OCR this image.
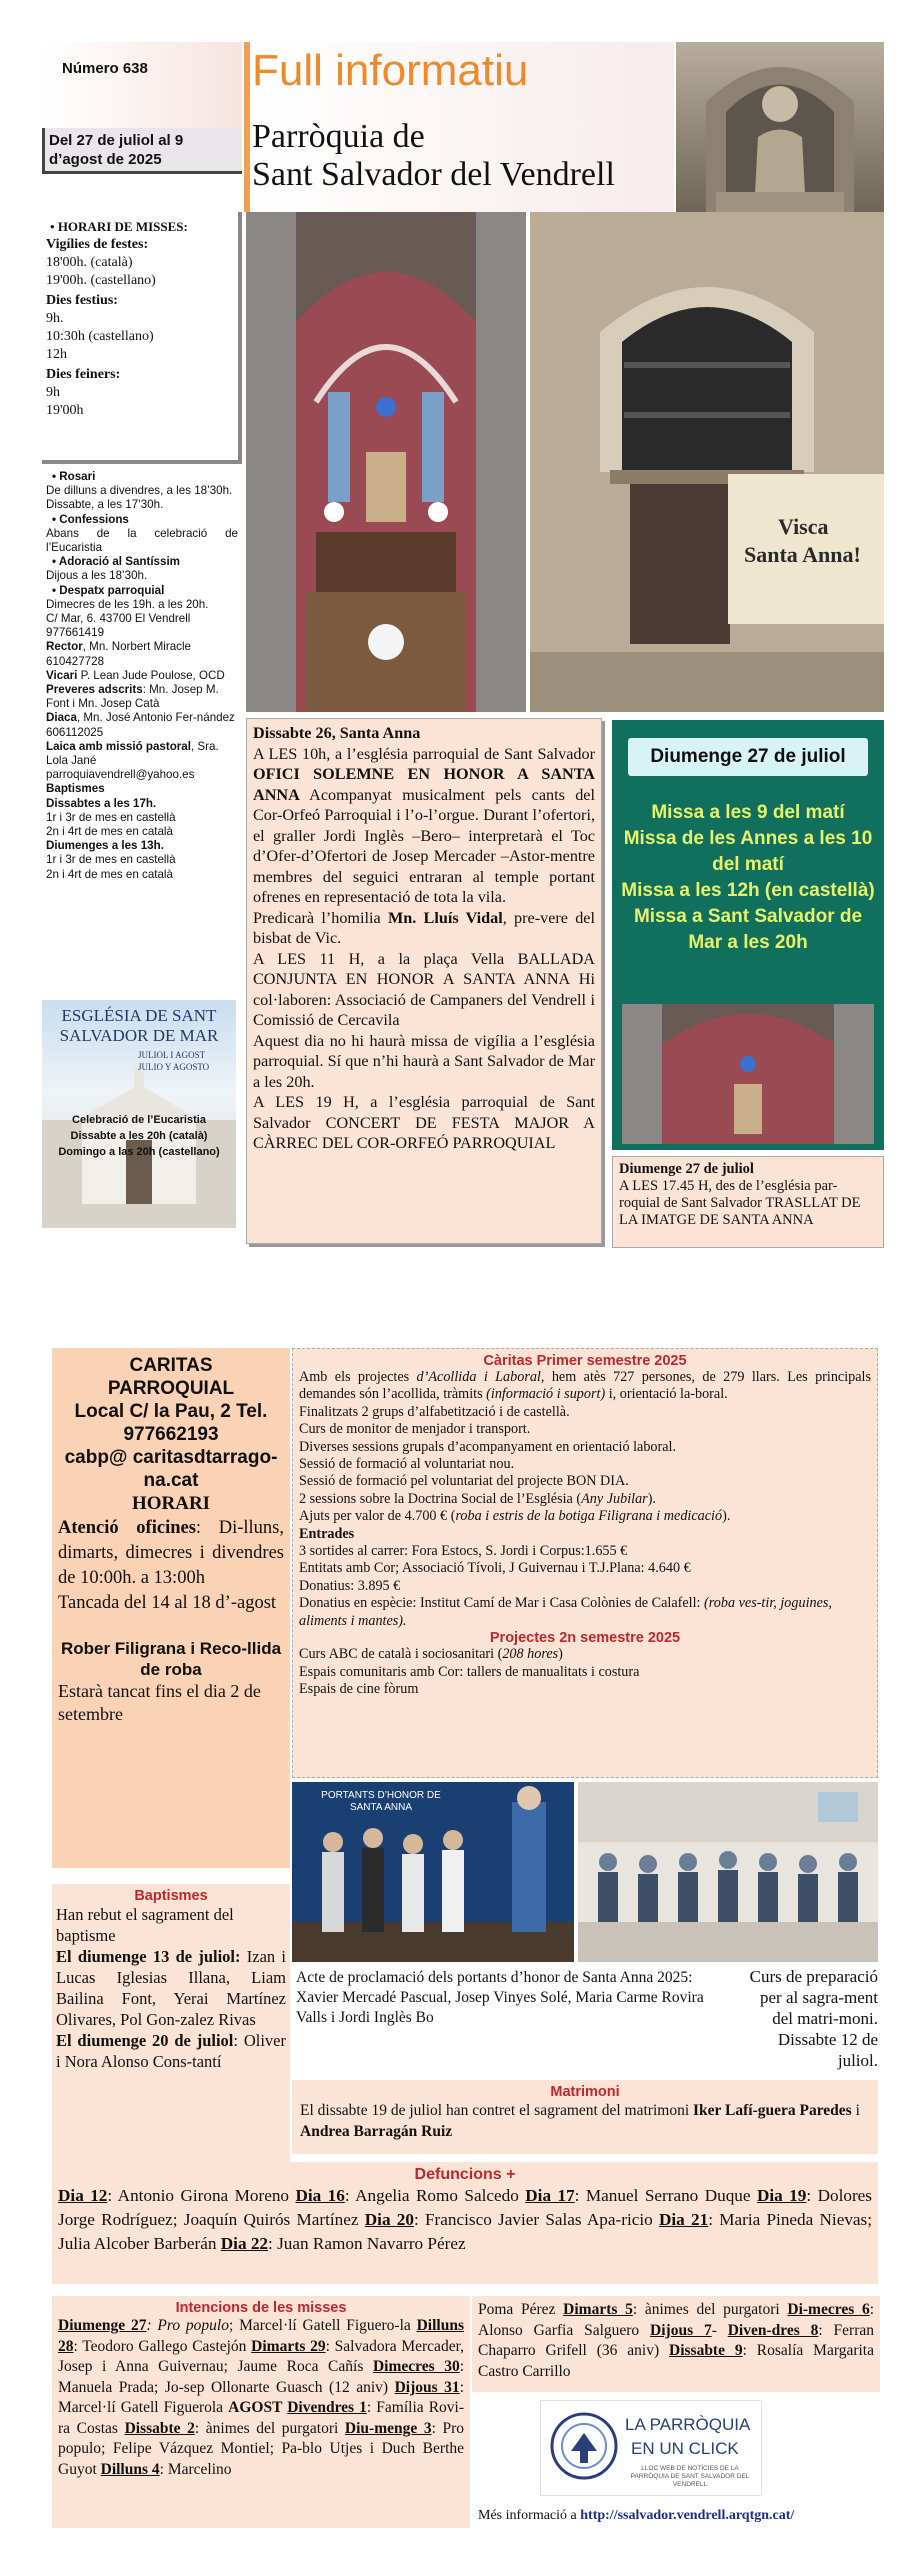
Número 638
Del 27 de juliol al 9 d’agost de 2025
Full informatiu
Parròquia de
Sant Salvador del Vendrell
• HORARI DE MISSES:
Vigílies de festes:
18'00h. (català)
19'00h. (castellano)
Dies festius:
9h.
10:30h (castellano)
12h
Dies feiners:
9h
19'00h
• Rosari
De dilluns a divendres, a les 18’30h. Dissabte, a les 17’30h.
• Confessions
Abans de la celebració de l’Eucaristia
• Adoració al Santíssim
Dijous a les 18’30h.
• Despatx parroquial
Dimecres de les 19h. a les 20h.
C/ Mar, 6. 43700 El Vendrell
977661419
Rector, Mn. Norbert Miracle
610427728
Vicari P. Lean Jude Poulose, OCD
Preveres adscrits: Mn. Josep M. Font i Mn. Josep Catà
Diaca, Mn. José Antonio Fer-nández 606112025
Laica amb missió pastoral, Sra. Lola Jané
parroquiavendrell@yahoo.es
Baptismes
Dissabtes a les 17h.
1r i 3r de mes en castellà
2n i 4rt de mes en català
Diumenges a les 13h.
1r i 3r de mes en castellà
2n i 4rt de mes en català
ESGLÉSIA DE SANT
SALVADOR DE MAR
JULIOL I AGOST
JULIO Y AGOSTO
Celebració de l’Eucaristia
Dissabte a les 20h (català)
Domingo a las 20h (castellano)
Visca
Santa Anna!
Dissabte 26, Santa Anna
A LES 10h, a l’església parroquial de Sant Salvador OFICI SOLEMNE EN HONOR A SANTA ANNA Acompanyat musicalment pels cants del Cor-Orfeó Parroquial i l’o-l’orgue. Durant l’ofertori, el graller Jordi Inglès –Bero– interpretarà el Toc d’Ofer-d’Ofertori de Josep Mercader –Astor-mentre membres del seguici entraran al temple portant ofrenes en representació de tota la vila.
Predicarà l’homilia Mn. Lluís Vidal, pre-vere del bisbat de Vic.
A LES 11 H, a la plaça Vella BALLADA CONJUNTA EN HONOR A SANTA ANNA Hi col·laboren: Associació de Campaners del Vendrell i Comissió de Cercavila
Aquest dia no hi haurà missa de vigília a l’església parroquial. Sí que n’hi haurà a Sant Salvador de Mar a les 20h.
A LES 19 H, a l’església parroquial de Sant Salvador CONCERT DE FESTA MAJOR A CÀRREC DEL COR-ORFEÓ PARROQUIAL
Diumenge 27 de juliol
Missa a les 9 del matí
Missa de les Annes a les 10 del matí
Missa a les 12h (en castellà)
Missa a Sant Salvador de Mar a les 20h
Diumenge 27 de juliol
A LES 17.45 H, des de l’església par-roquial de Sant Salvador TRASLLAT DE LA IMATGE DE SANTA ANNA
CARITAS
PARROQUIAL
Local C/ la Pau, 2 Tel.
977662193
cabp@ caritasdtarrago-
na.cat
HORARI
Atenció oficines: Di-lluns, dimarts, dimecres i divendres de 10:00h. a 13:00h
Tancada del 14 al 18 d’-agost
Rober Filigrana i Reco-llida de roba
Estarà tancat fins el dia 2 de setembre
Càritas Primer semestre 2025
Amb els projectes d’Acollida i Laboral, hem atès 727 persones, de 279 llars. Les principals demandes són l’acollida, tràmits (informació i suport) i, orientació la-boral.
Finalitzats 2 grups d’alfabetització i de castellà.
Curs de monitor de menjador i transport.
Diverses sessions grupals d’acompanyament en orientació laboral.
Sessió de formació al voluntariat nou.
Sessió de formació pel voluntariat del projecte BON DIA.
2 sessions sobre la Doctrina Social de l’Església (Any Jubilar).
Ajuts per valor de 4.700 € (roba i estris de la botiga Filigrana i medicació).
Entrades
3 sortides al carrer: Fora Estocs, S. Jordi i Corpus:1.655 €
Entitats amb Cor; Associació Tívoli, J Guivernau i T.J.Plana: 4.640 €
Donatius: 3.895 €
Donatius en espècie: Institut Camí de Mar i Casa Colònies de Calafell: (roba ves-tir, joguines, aliments i mantes).
Projectes 2n semestre 2025
Curs ABC de català i sociosanitari (208 hores)
Espais comunitaris amb Cor: tallers de manualitats i costura
Espais de cine fòrum
PORTANTS D’HONOR DE SANTA ANNA
Acte de proclamació dels portants d’honor de Santa Anna 2025: Xavier Mercadé Pascual, Josep Vinyes Solé, Maria Carme Rovira Valls i Jordi Inglès Bo
Curs de preparació per al sagra-ment del matri-moni. Dissabte 12 de juliol.
Baptismes
Han rebut el sagrament del baptisme
El diumenge 13 de juliol: Izan i Lucas Iglesias Illana, Liam Bailina Font, Yerai Martínez Olivares, Pol Gon-zalez Rivas
El diumenge 20 de juliol: Oliver i Nora Alonso Cons-tantí
Matrimoni
El dissabte 19 de juliol han contret el sagrament del matrimoni Iker Lafí-guera Paredes i Andrea Barragán Ruiz
Defuncions +
Dia 12: Antonio Girona Moreno Dia 16: Angelia Romo Salcedo Dia 17: Manuel Serrano Duque Dia 19: Dolores Jorge Rodríguez; Joaquín Quirós Martínez Dia 20: Francisco Javier Salas Apa-ricio Dia 21: Maria Pineda Nievas; Julia Alcober Barberán Dia 22: Juan Ramon Navarro Pérez
Intencions de les misses
Diumenge 27: Pro populo; Marcel·lí Gatell Figuero-la Dilluns 28: Teodoro Gallego Castejón Dimarts 29: Salvadora Mercader, Josep i Anna Guivernau; Jaume Roca Cañís Dimecres 30: Manuela Prada; Jo-sep Ollonarte Guasch (12 aniv) Dijous 31: Marcel·lí Gatell Figuerola AGOST Divendres 1: Família Rovi-ra Costas Dissabte 2: ànimes del purgatori Diu-menge 3: Pro populo; Felipe Vázquez Montiel; Pa-blo Utjes i Duch Berthe Guyot Dilluns 4: Marcelino
Poma Pérez Dimarts 5: ànimes del purgatori Di-mecres 6: Alonso Garfia Salguero Dijous 7- Diven-dres 8: Ferran Chaparro Grifell (36 aniv) Dissabte 9: Rosalía Margarita Castro Carrillo
LA PARRÒQUIA
EN UN CLICK
LLOC WEB DE NOTÍCIES DE LA PARRÒQUIA DE SANT SALVADOR DEL VENDRELL
Més informació a http://ssalvador.vendrell.arqtgn.cat/
